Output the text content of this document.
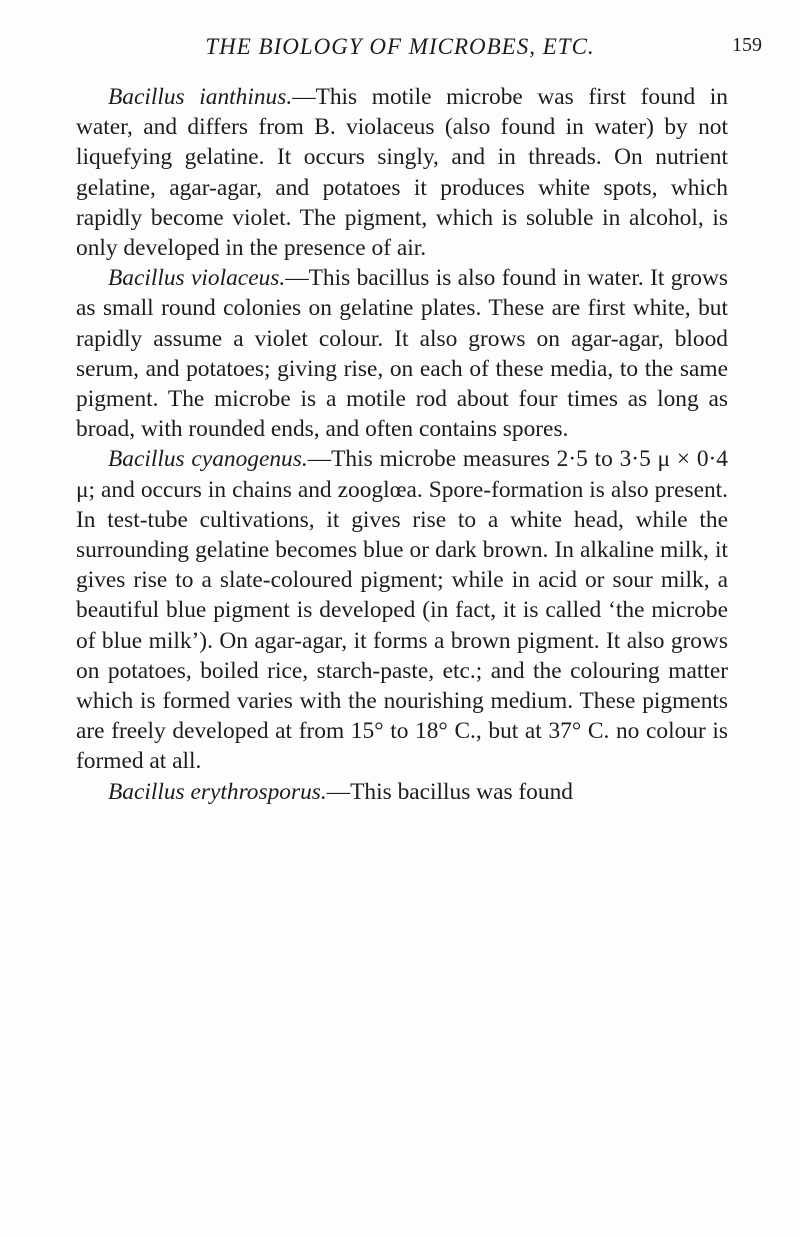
THE BIOLOGY OF MICROBES, ETC.	159

Bacillus ianthinus.—This motile microbe was first found in water, and differs from B. violaceus (also found in water) by not liquefying gelatine. It occurs singly, and in threads. On nutrient gelatine, agar-agar, and potatoes it produces white spots, which rapidly become violet. The pigment, which is soluble in alcohol, is only developed in the presence of air.

Bacillus violaceus.—This bacillus is also found in water. It grows as small round colonies on gelatine plates. These are first white, but rapidly assume a violet colour. It also grows on agar-agar, blood serum, and potatoes; giving rise, on each of these media, to the same pigment. The microbe is a motile rod about four times as long as broad, with rounded ends, and often contains spores.

Bacillus cyanogenus.—This microbe measures 2·5 to 3·5 μ × 0·4 μ; and occurs in chains and zooglœa. Spore-formation is also present. In test-tube cultivations, it gives rise to a white head, while the surrounding gelatine becomes blue or dark brown. In alkaline milk, it gives rise to a slate-coloured pigment; while in acid or sour milk, a beautiful blue pigment is developed (in fact, it is called ‘the microbe of blue milk’). On agar-agar, it forms a brown pigment. It also grows on potatoes, boiled rice, starch-paste, etc.; and the colouring matter which is formed varies with the nourishing medium. These pigments are freely developed at from 15° to 18° C., but at 37° C. no colour is formed at all.

Bacillus erythrosporus.—This bacillus was found
